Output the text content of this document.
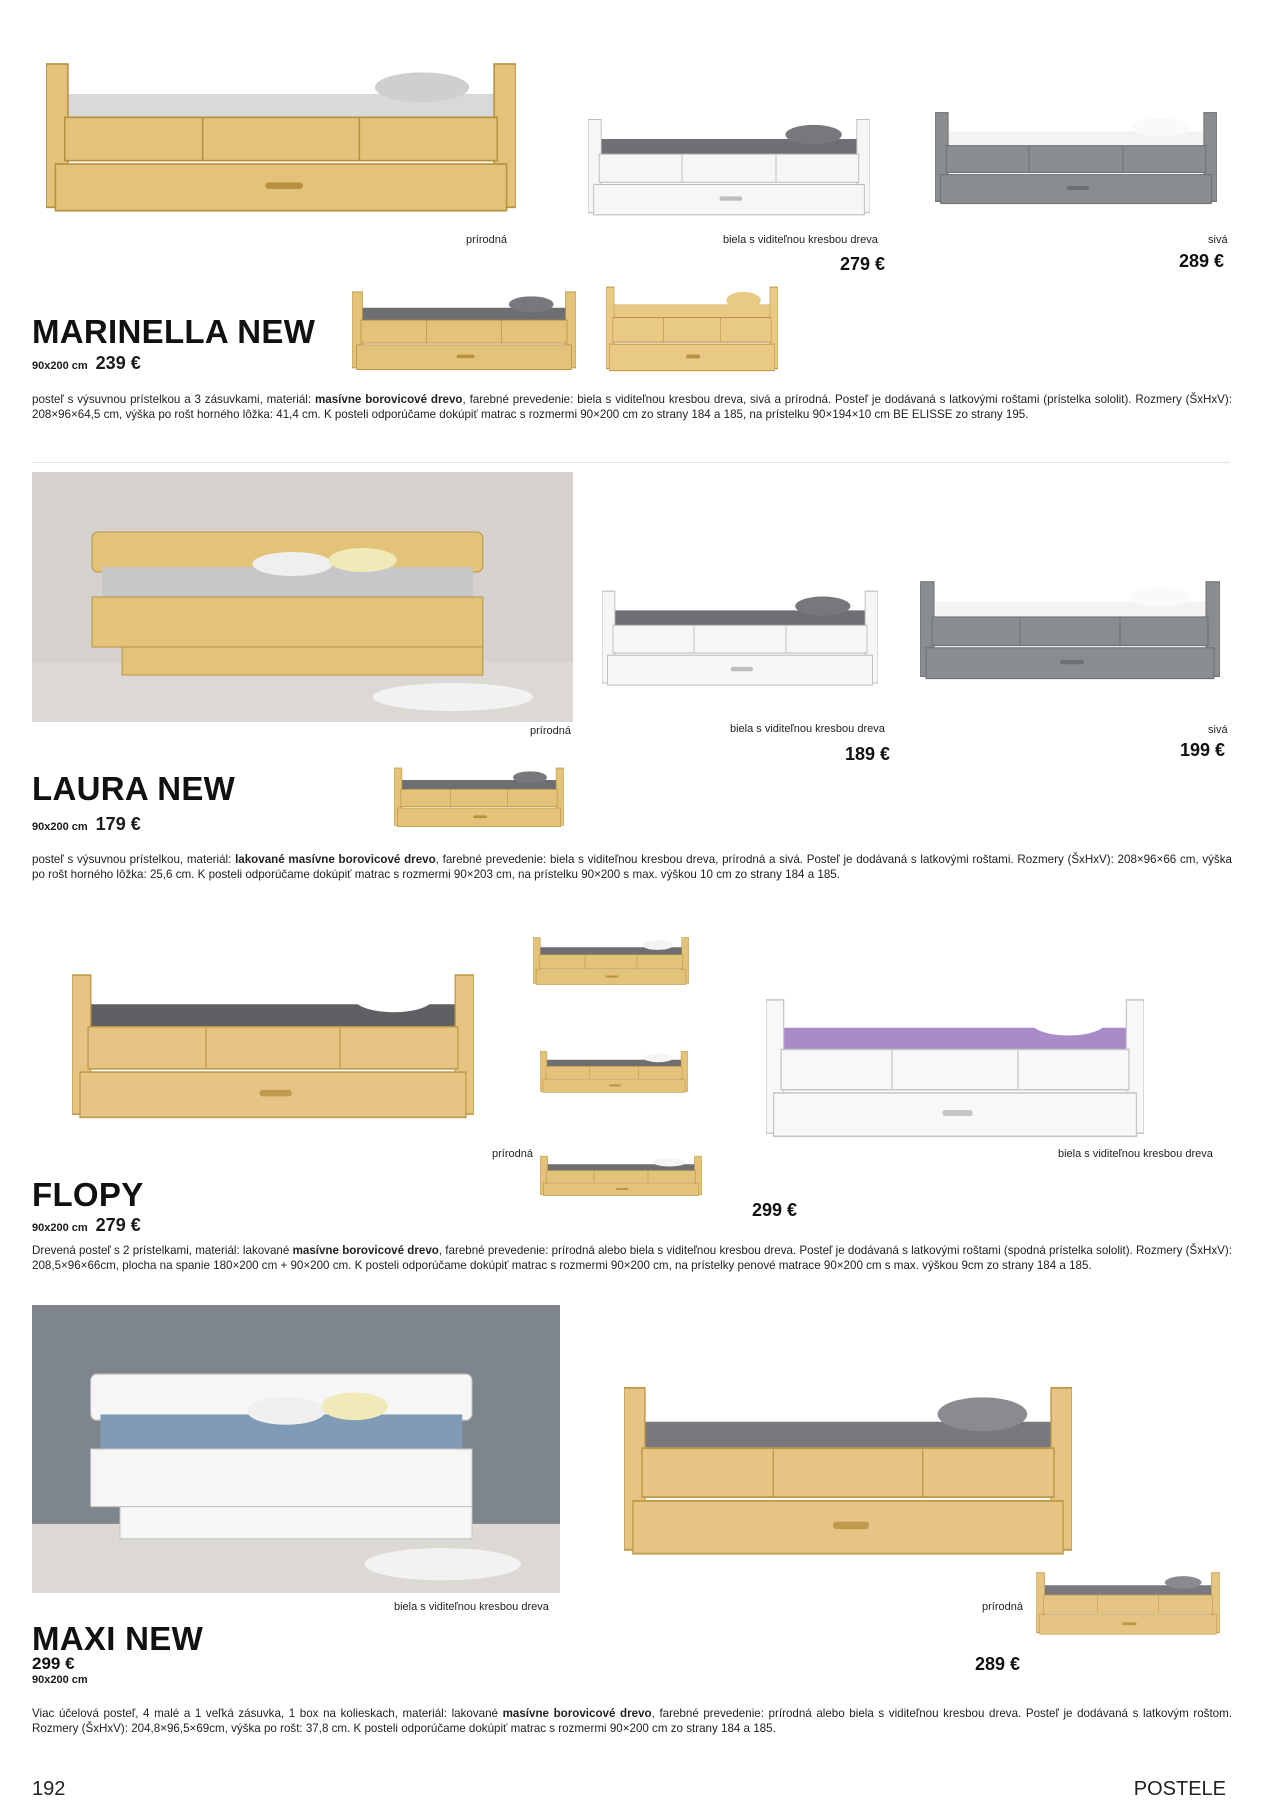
prírodná	biela s viditeľnou kresbou dreva
279 €
sivá
289 €
MARINELLA NEW
90x200 cm 239 €
posteľ s výsuvnou prístelkou a 3 zásuvkami, materiál: masívne borovicové drevo, farebné prevedenie: biela s viditeľnou kresbou dreva, sivá a prírodná. Posteľ je dodávaná s latkovými roštami (prístelka sololit). Rozmery (ŠxHxV): 208×96×64,5 cm, výška po rošt horného lôžka: 41,4 cm. K posteli odporúčame dokúpiť matrac s rozmermi 90×200 cm zo strany 184 a 185, na prístelku 90×194×10 cm BE ELISSE zo strany 195.
prírodná	biela s viditeľnou kresbou dreva
189 €
sivá
199 €
LAURA NEW
90x200 cm 179 €
posteľ s výsuvnou prístelkou, materiál: lakované masívne borovicové drevo, farebné prevedenie: biela s viditeľnou kresbou dreva, prírodná a sivá. Posteľ je dodávaná s latkovými roštami. Rozmery (ŠxHxV): 208×96×66 cm, výška po rošt horného lôžka: 25,6 cm. K posteli odporúčame dokúpiť matrac s rozmermi 90×203 cm, na prístelku 90×200 s max. výškou 10 cm zo strany 184 a 185.
prírodná	biela s viditeľnou kresbou dreva
299 €
FLOPY
90x200 cm 279 €
Drevená posteľ s 2 prístelkami, materiál: lakované masívne borovicové drevo, farebné prevedenie: prírodná alebo biela s viditeľnou kresbou dreva. Posteľ je dodávaná s latkovými roštami (spodná prístelka sololit). Rozmery (ŠxHxV): 208,5×96×66cm, plocha na spanie 180×200 cm + 90×200 cm. K posteli odporúčame dokúpiť matrac s rozmermi 90×200 cm, na prístelky penové matrace 90×200 cm s max. výškou 9cm zo strany 184 a 185.
biela s viditeľnou kresbou dreva	prírodná
289 €
MAXI NEW
299 €
90x200 cm
Viac účelová posteľ, 4 malé a 1 veľká zásuvka, 1 box na kolieskach, materiál: lakované masívne borovicové drevo, farebné prevedenie: prírodná alebo biela s viditeľnou kresbou dreva. Posteľ je dodávaná s latkovým roštom. Rozmery (ŠxHxV): 204,8×96,5×69cm, výška po rošt: 37,8 cm. K posteli odporúčame dokúpiť matrac s rozmermi 90×200 cm zo strany 184 a 185.
192	POSTELE
